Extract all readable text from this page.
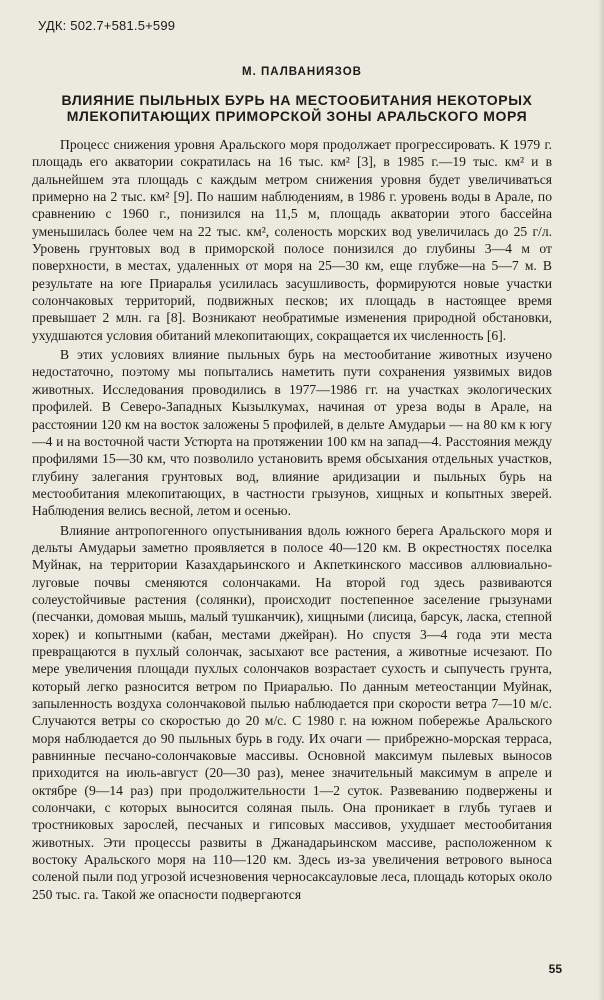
УДК: 502.7+581.5+599
М. ПАЛВАНИЯЗОВ
ВЛИЯНИЕ ПЫЛЬНЫХ БУРЬ НА МЕСТООБИТАНИЯ НЕКОТОРЫХ МЛЕКОПИТАЮЩИХ ПРИМОРСКОЙ ЗОНЫ АРАЛЬСКОГО МОРЯ

Процесс снижения уровня Аральского моря продолжает прогрессировать. К 1979 г. площадь его акватории сократилась на 16 тыс. км² [3], в 1985 г.—19 тыс. км² и в дальнейшем эта площадь с каждым метром снижения уровня будет увеличиваться примерно на 2 тыс. км² [9]. По нашим наблюдениям, в 1986 г. уровень воды в Арале, по сравнению с 1960 г., понизился на 11,5 м, площадь акватории этого бассейна уменьшилась более чем на 22 тыс. км², соленость морских вод увеличилась до 25 г/л. Уровень грунтовых вод в приморской полосе понизился до глубины 3—4 м от поверхности, в местах, удаленных от моря на 25—30 км, еще глубже—на 5—7 м. В результате на юге Приаралья усилилась засушливость, формируются новые участки солончаковых территорий, подвижных песков; их площадь в настоящее время превышает 2 млн. га [8]. Возникают необратимые изменения природной обстановки, ухудшаются условия обитаний млекопитающих, сокращается их численность [6].

В этих условиях влияние пыльных бурь на местообитание животных изучено недостаточно, поэтому мы попытались наметить пути сохранения уязвимых видов животных. Исследования проводились в 1977—1986 гг. на участках экологических профилей. В Северо-Западных Кызылкумах, начиная от уреза воды в Арале, на расстоянии 120 км на восток заложены 5 профилей, в дельте Амударьи — на 80 км к югу—4 и на восточной части Устюрта на протяжении 100 км на запад—4. Расстояния между профилями 15—30 км, что позволило установить время обсыхания отдельных участков, глубину залегания грунтовых вод, влияние аридизации и пыльных бурь на местообитания млекопитающих, в частности грызунов, хищных и копытных зверей. Наблюдения велись весной, летом и осенью.

Влияние антропогенного опустынивания вдоль южного берега Аральского моря и дельты Амударьи заметно проявляется в полосе 40—120 км. В окрестностях поселка Муйнак, на территории Казахдарьинского и Акпеткинского массивов аллювиально-луговые почвы сменяются солончаками. На второй год здесь развиваются солеустойчивые растения (солянки), происходит постепенное заселение грызунами (песчанки, домовая мышь, малый тушканчик), хищными (лисица, барсук, ласка, степной хорек) и копытными (кабан, местами джейран). Но спустя 3—4 года эти места превращаются в пухлый солончак, засыхают все растения, а животные исчезают. По мере увеличения площади пухлых солончаков возрастает сухость и сыпучесть грунта, который легко разносится ветром по Приаралью. По данным метеостанции Муйнак, запыленность воздуха солончаковой пылью наблюдается при скорости ветра 7—10 м/с. Случаются ветры со скоростью до 20 м/с. С 1980 г. на южном побережье Аральского моря наблюдается до 90 пыльных бурь в году. Их очаги — прибрежно-морская терраса, равнинные песчано-солончаковые массивы. Основной максимум пылевых выносов приходится на июль-август (20—30 раз), менее значительный максимум в апреле и октябре (9—14 раз) при продолжительности 1—2 суток. Развеванию подвержены и солончаки, с которых выносится соляная пыль. Она проникает в глубь тугаев и тростниковых зарослей, песчаных и гипсовых массивов, ухудшает местообитания животных. Эти процессы развиты в Джанадарьинском массиве, расположенном к востоку Аральского моря на 110—120 км. Здесь из-за увеличения ветрового выноса соленой пыли под угрозой исчезновения черносаксауловые леса, площадь которых около 250 тыс. га. Такой же опасности подвергаются

55
